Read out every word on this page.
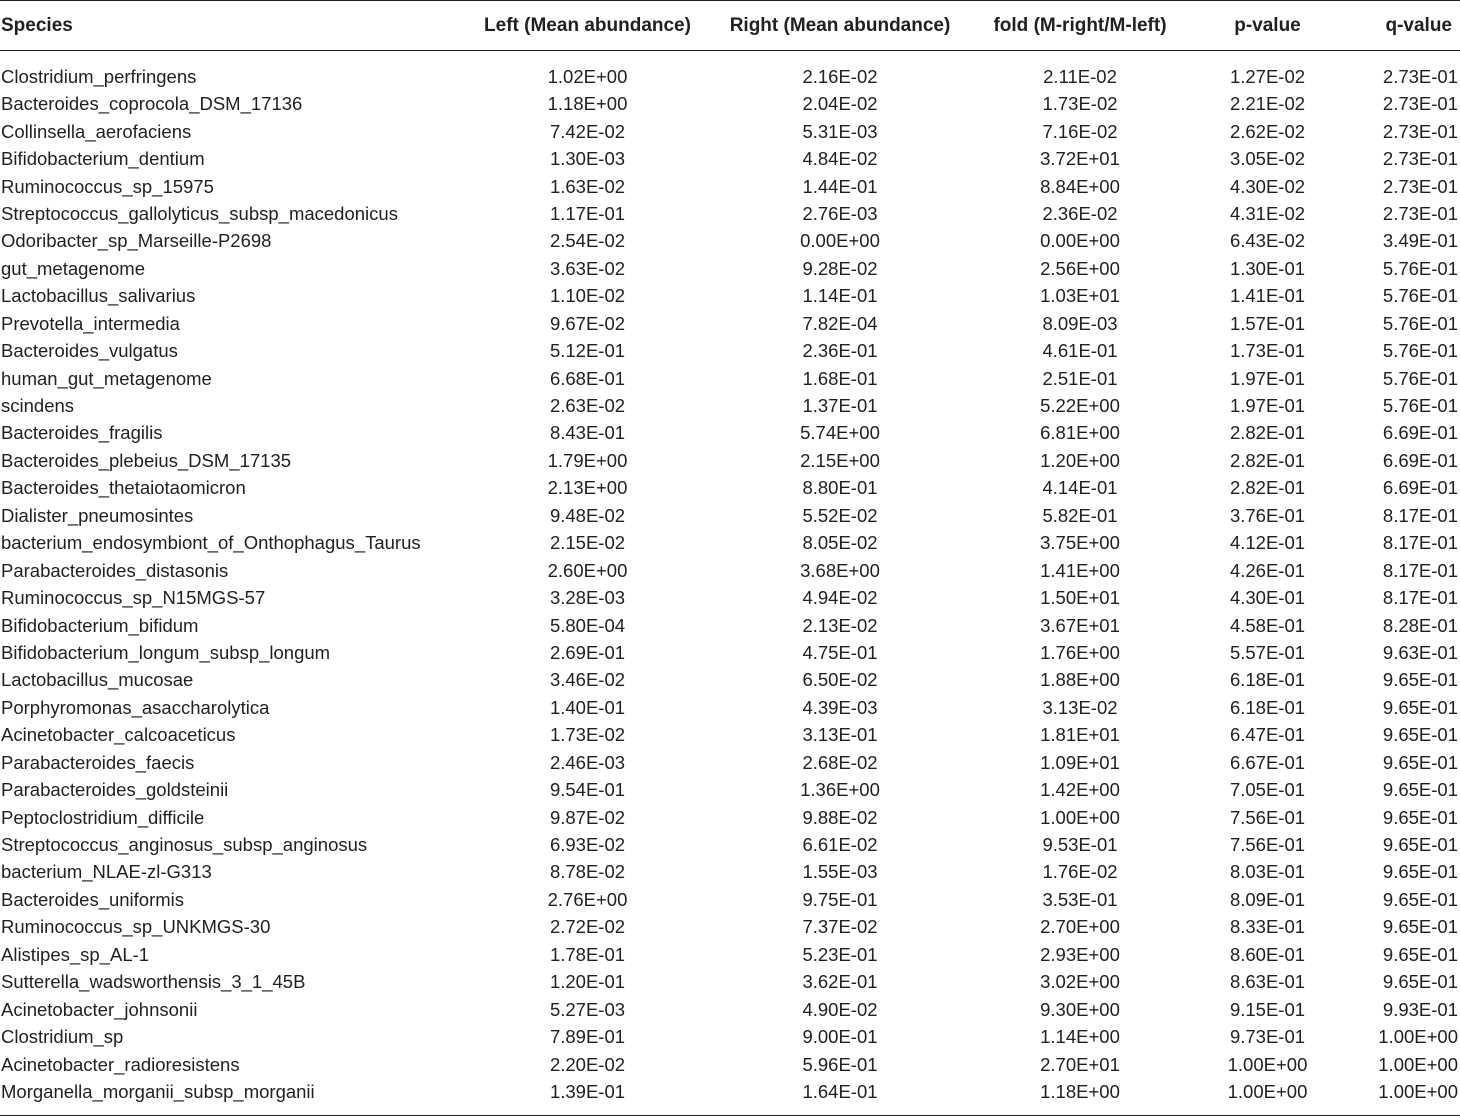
Species	Left (Mean abundance)	Right (Mean abundance)	fold (M-right/M-left)	p-value	q-value
Clostridium_perfringens	1.02E+00	2.16E-02	2.11E-02	1.27E-02	2.73E-01
Bacteroides_coprocola_DSM_17136	1.18E+00	2.04E-02	1.73E-02	2.21E-02	2.73E-01
Collinsella_aerofaciens	7.42E-02	5.31E-03	7.16E-02	2.62E-02	2.73E-01
Bifidobacterium_dentium	1.30E-03	4.84E-02	3.72E+01	3.05E-02	2.73E-01
Ruminococcus_sp_15975	1.63E-02	1.44E-01	8.84E+00	4.30E-02	2.73E-01
Streptococcus_gallolyticus_subsp_macedonicus	1.17E-01	2.76E-03	2.36E-02	4.31E-02	2.73E-01
Odoribacter_sp_Marseille-P2698	2.54E-02	0.00E+00	0.00E+00	6.43E-02	3.49E-01
gut_metagenome	3.63E-02	9.28E-02	2.56E+00	1.30E-01	5.76E-01
Lactobacillus_salivarius	1.10E-02	1.14E-01	1.03E+01	1.41E-01	5.76E-01
Prevotella_intermedia	9.67E-02	7.82E-04	8.09E-03	1.57E-01	5.76E-01
Bacteroides_vulgatus	5.12E-01	2.36E-01	4.61E-01	1.73E-01	5.76E-01
human_gut_metagenome	6.68E-01	1.68E-01	2.51E-01	1.97E-01	5.76E-01
scindens	2.63E-02	1.37E-01	5.22E+00	1.97E-01	5.76E-01
Bacteroides_fragilis	8.43E-01	5.74E+00	6.81E+00	2.82E-01	6.69E-01
Bacteroides_plebeius_DSM_17135	1.79E+00	2.15E+00	1.20E+00	2.82E-01	6.69E-01
Bacteroides_thetaiotaomicron	2.13E+00	8.80E-01	4.14E-01	2.82E-01	6.69E-01
Dialister_pneumosintes	9.48E-02	5.52E-02	5.82E-01	3.76E-01	8.17E-01
bacterium_endosymbiont_of_Onthophagus_Taurus	2.15E-02	8.05E-02	3.75E+00	4.12E-01	8.17E-01
Parabacteroides_distasonis	2.60E+00	3.68E+00	1.41E+00	4.26E-01	8.17E-01
Ruminococcus_sp_N15MGS-57	3.28E-03	4.94E-02	1.50E+01	4.30E-01	8.17E-01
Bifidobacterium_bifidum	5.80E-04	2.13E-02	3.67E+01	4.58E-01	8.28E-01
Bifidobacterium_longum_subsp_longum	2.69E-01	4.75E-01	1.76E+00	5.57E-01	9.63E-01
Lactobacillus_mucosae	3.46E-02	6.50E-02	1.88E+00	6.18E-01	9.65E-01
Porphyromonas_asaccharolytica	1.40E-01	4.39E-03	3.13E-02	6.18E-01	9.65E-01
Acinetobacter_calcoaceticus	1.73E-02	3.13E-01	1.81E+01	6.47E-01	9.65E-01
Parabacteroides_faecis	2.46E-03	2.68E-02	1.09E+01	6.67E-01	9.65E-01
Parabacteroides_goldsteinii	9.54E-01	1.36E+00	1.42E+00	7.05E-01	9.65E-01
Peptoclostridium_difficile	9.87E-02	9.88E-02	1.00E+00	7.56E-01	9.65E-01
Streptococcus_anginosus_subsp_anginosus	6.93E-02	6.61E-02	9.53E-01	7.56E-01	9.65E-01
bacterium_NLAE-zl-G313	8.78E-02	1.55E-03	1.76E-02	8.03E-01	9.65E-01
Bacteroides_uniformis	2.76E+00	9.75E-01	3.53E-01	8.09E-01	9.65E-01
Ruminococcus_sp_UNKMGS-30	2.72E-02	7.37E-02	2.70E+00	8.33E-01	9.65E-01
Alistipes_sp_AL-1	1.78E-01	5.23E-01	2.93E+00	8.60E-01	9.65E-01
Sutterella_wadsworthensis_3_1_45B	1.20E-01	3.62E-01	3.02E+00	8.63E-01	9.65E-01
Acinetobacter_johnsonii	5.27E-03	4.90E-02	9.30E+00	9.15E-01	9.93E-01
Clostridium_sp	7.89E-01	9.00E-01	1.14E+00	9.73E-01	1.00E+00
Acinetobacter_radioresistens	2.20E-02	5.96E-01	2.70E+01	1.00E+00	1.00E+00
Morganella_morganii_subsp_morganii	1.39E-01	1.64E-01	1.18E+00	1.00E+00	1.00E+00
